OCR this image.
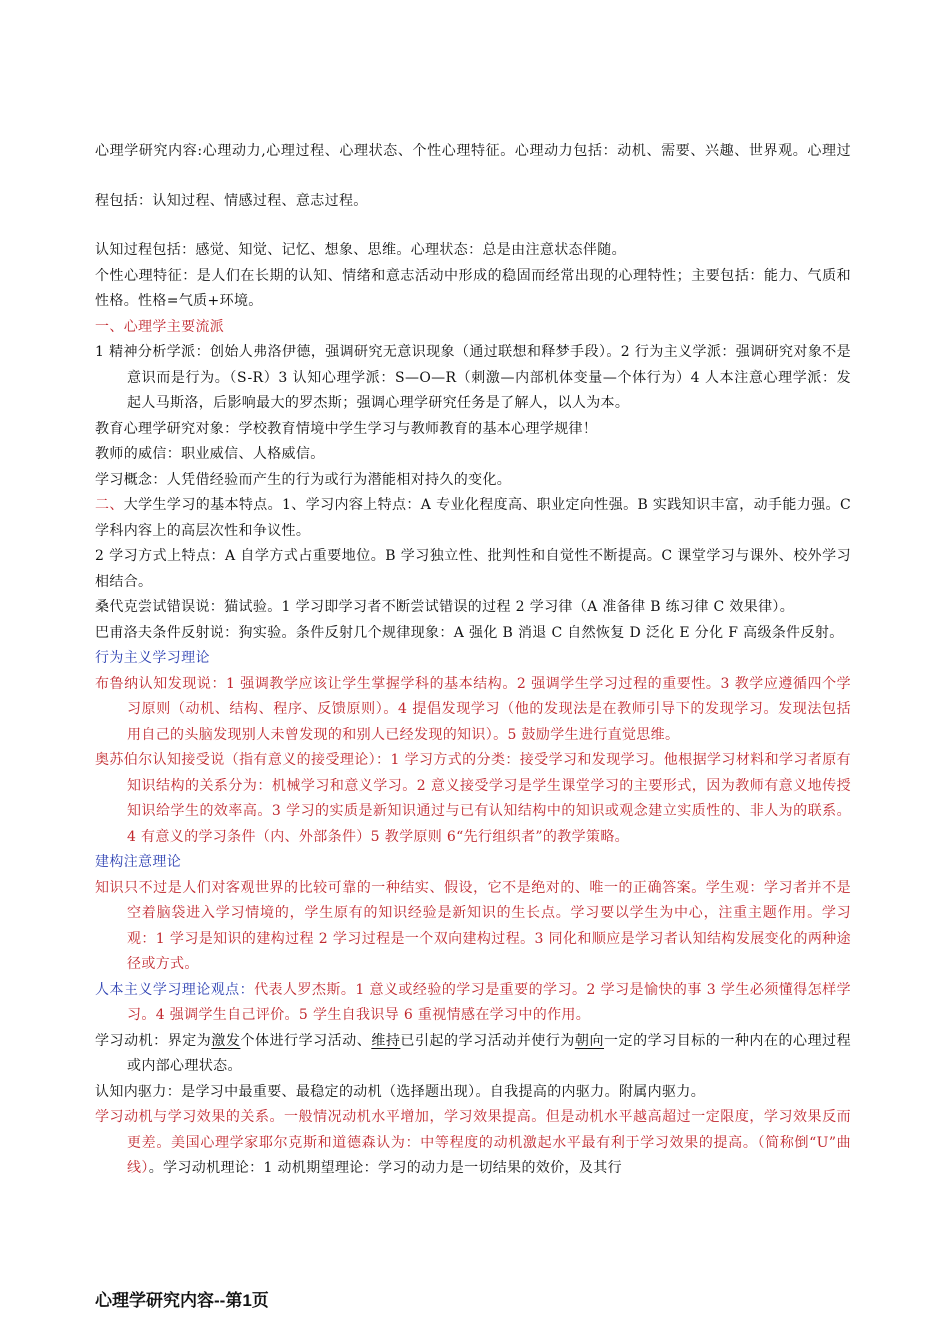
心理学研究内容:心理动力,心理过程、心理状态、个性心理特征。心理动力包括：动机、需要、兴趣、世界观。心理过程包括：认知过程、情感过程、意志过程。

认知过程包括：感觉、知觉、记忆、想象、思维。心理状态：总是由注意状态伴随。

个性心理特征：是人们在长期的认知、情绪和意志活动中形成的稳固而经常出现的心理特性；主要包括：能力、气质和性格。性格=气质+环境。

一、心理学主要流派

1 精神分析学派：创始人弗洛伊德，强调研究无意识现象（通过联想和释梦手段）。2 行为主义学派：强调研究对象不是意识而是行为。（S-R）3 认知心理学派：S—O—R（刺激—内部机体变量—个体行为）4 人本注意心理学派：发起人马斯洛，后影响最大的罗杰斯；强调心理学研究任务是了解人，以人为本。

教育心理学研究对象：学校教育情境中学生学习与教师教育的基本心理学规律！

教师的威信：职业威信、人格威信。

学习概念：人凭借经验而产生的行为或行为潜能相对持久的变化。

二、大学生学习的基本特点。1、学习内容上特点：A 专业化程度高、职业定向性强。B 实践知识丰富，动手能力强。C 学科内容上的高层次性和争议性。

2 学习方式上特点：A 自学方式占重要地位。B 学习独立性、批判性和自觉性不断提高。C 课堂学习与课外、校外学习相结合。

桑代克尝试错误说：猫试验。1 学习即学习者不断尝试错误的过程 2 学习律（A 准备律 B 练习律 C 效果律）。

巴甫洛夫条件反射说：狗实验。条件反射几个规律现象：A 强化 B 消退 C 自然恢复 D 泛化 E 分化 F 高级条件反射。

行为主义学习理论

布鲁纳认知发现说：1 强调教学应该让学生掌握学科的基本结构。2 强调学生学习过程的重要性。3 教学应遵循四个学习原则（动机、结构、程序、反馈原则）。4 提倡发现学习（他的发现法是在教师引导下的发现学习。发现法包括用自己的头脑发现别人未曾发现的和别人已经发现的知识）。5 鼓励学生进行直觉思维。

奥苏伯尔认知接受说（指有意义的接受理论）：1 学习方式的分类：接受学习和发现学习。他根据学习材料和学习者原有知识结构的关系分为：机械学习和意义学习。2 意义接受学习是学生课堂学习的主要形式，因为教师有意义地传授知识给学生的效率高。3 学习的实质是新知识通过与已有认知结构中的知识或观念建立实质性的、非人为的联系。4 有意义的学习条件（内、外部条件）5 教学原则 6“先行组织者”的教学策略。

建构注意理论

知识只不过是人们对客观世界的比较可靠的一种结实、假设，它不是绝对的、唯一的正确答案。学生观：学习者并不是空着脑袋进入学习情境的，学生原有的知识经验是新知识的生长点。学习要以学生为中心，注重主题作用。学习观：1 学习是知识的建构过程 2 学习过程是一个双向建构过程。3 同化和顺应是学习者认知结构发展变化的两种途径或方式。

人本主义学习理论观点：代表人罗杰斯。1 意义或经验的学习是重要的学习。2 学习是愉快的事 3 学生必须懂得怎样学习。4 强调学生自己评价。5 学生自我识导 6 重视情感在学习中的作用。

学习动机：界定为激发个体进行学习活动、维持已引起的学习活动并使行为朝向一定的学习目标的一种内在的心理过程或内部心理状态。

认知内驱力：是学习中最重要、最稳定的动机（选择题出现）。自我提高的内驱力。附属内驱力。

学习动机与学习效果的关系。一般情况动机水平增加，学习效果提高。但是动机水平越高超过一定限度，学习效果反而更差。美国心理学家耶尔克斯和道德森认为：中等程度的动机激起水平最有利于学习效果的提高。（简称倒“U”曲线）。学习动机理论：1 动机期望理论：学习的动力是一切结果的效价，及其行

心理学研究内容--第1页
